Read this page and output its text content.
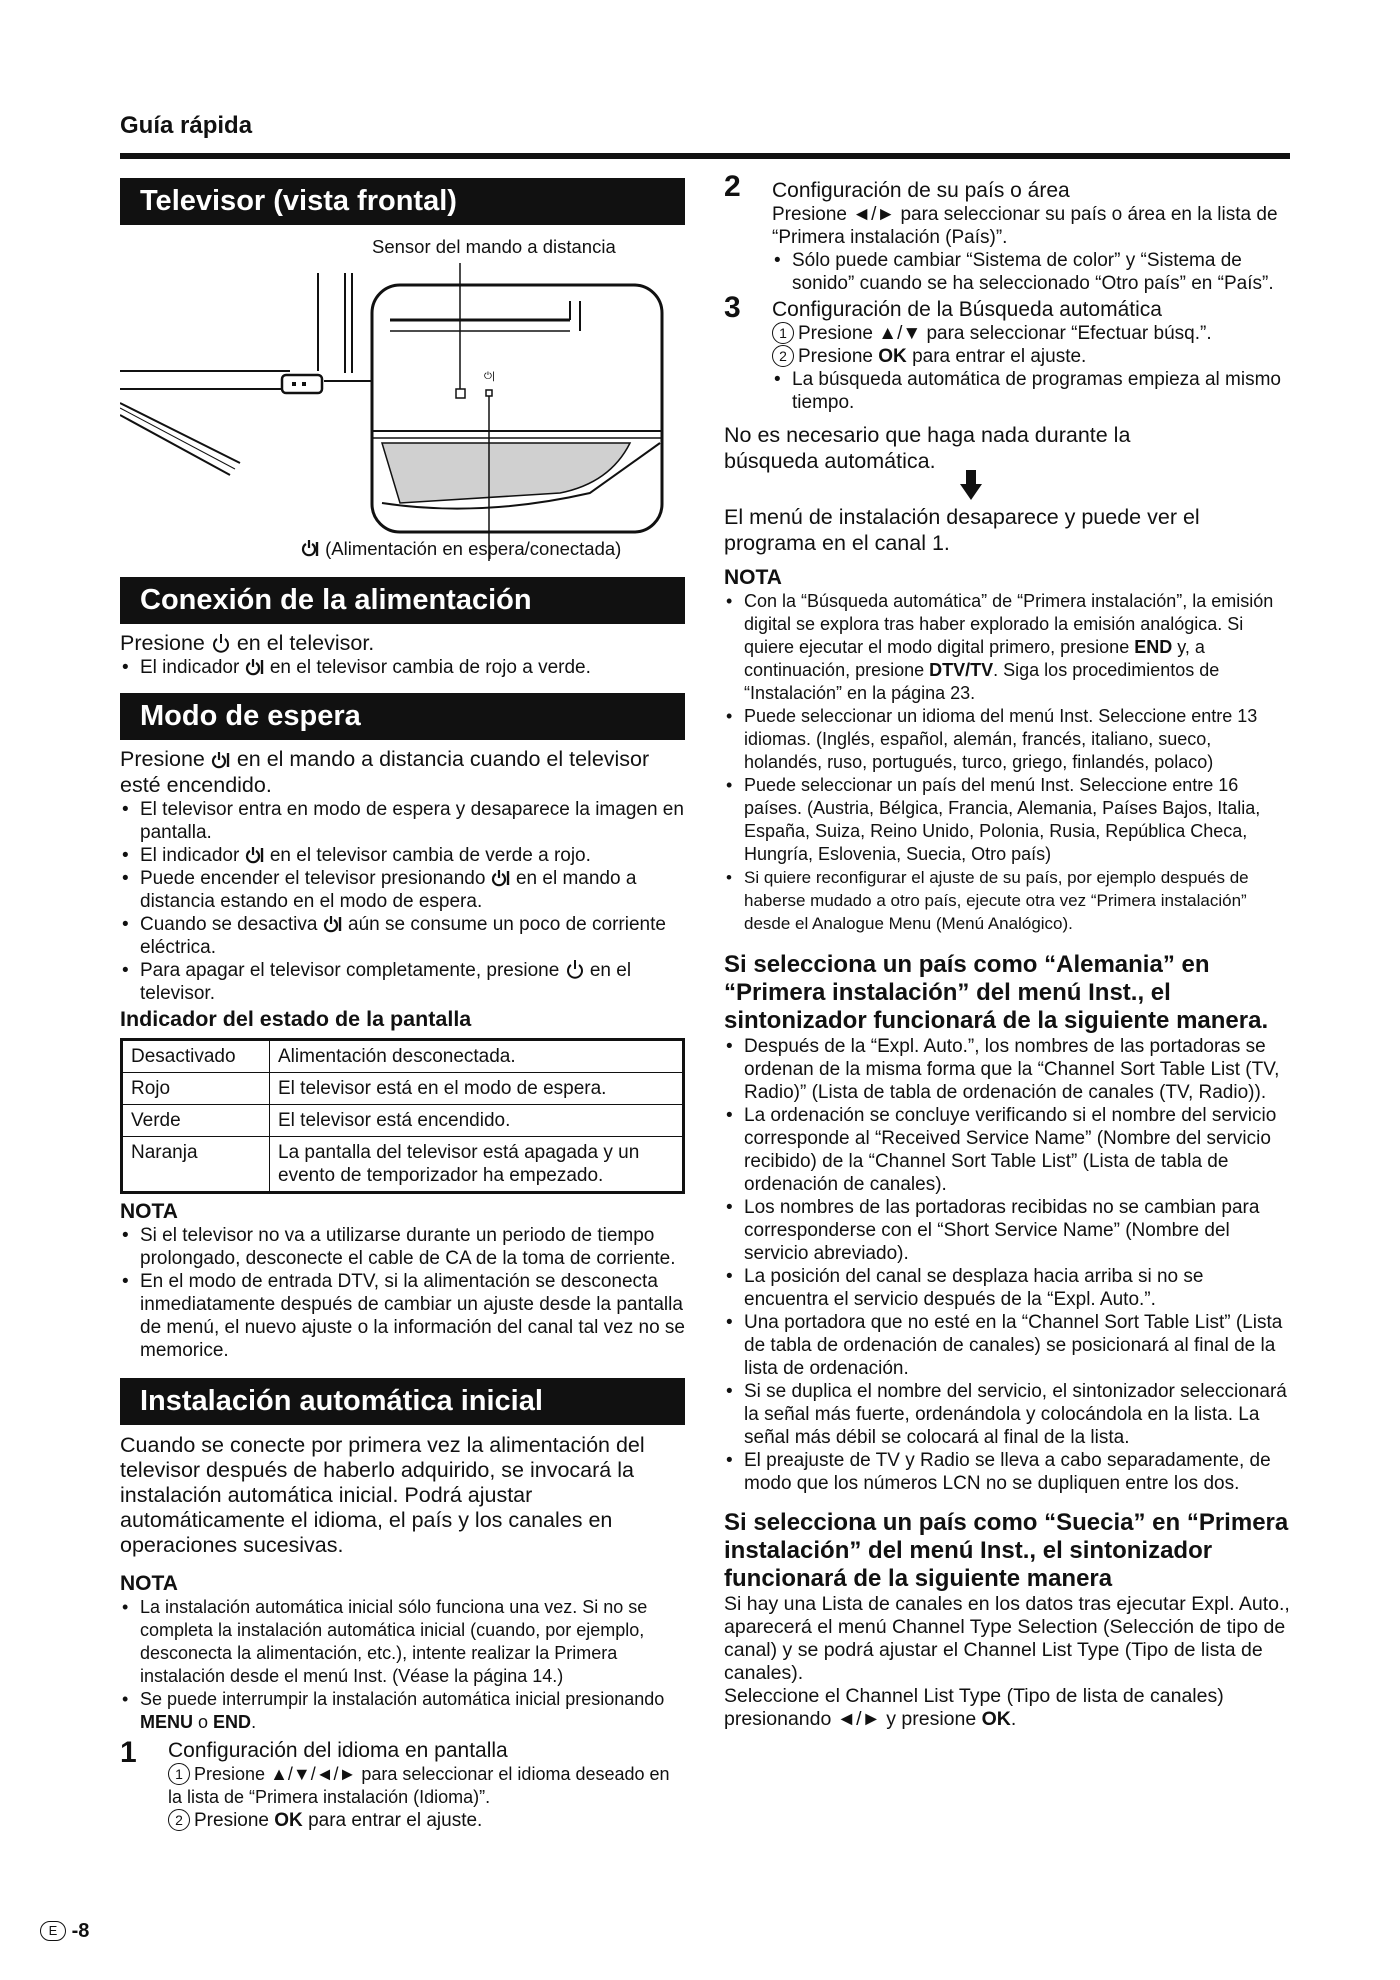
Guía rápida
Televisor (vista frontal)
Sensor del mando a distancia
⏻|
(Alimentación en espera/conectada)
Conexión de la alimentación
Presione en el televisor.
• El indicador en el televisor cambia de rojo a verde.
Modo de espera
Presione en el mando a distancia cuando el televisor esté encendido.
• El televisor entra en modo de espera y desaparece la imagen en pantalla.
• El indicador en el televisor cambia de verde a rojo.
• Puede encender el televisor presionando en el mando a distancia estando en el modo de espera.
• Cuando se desactiva aún se consume un poco de corriente eléctrica.
• Para apagar el televisor completamente, presione en el televisor.
Indicador del estado de la pantalla
Desactivado	Alimentación desconectada.
Rojo	El televisor está en el modo de espera.
Verde	El televisor está encendido.
Naranja	La pantalla del televisor está apagada y un evento de temporizador ha empezado.
NOTA
• Si el televisor no va a utilizarse durante un periodo de tiempo prolongado, desconecte el cable de CA de la toma de corriente.
• En el modo de entrada DTV, si la alimentación se desconecta inmediatamente después de cambiar un ajuste desde la pantalla de menú, el nuevo ajuste o la información del canal tal vez no se memorice.
Instalación automática inicial
Cuando se conecte por primera vez la alimentación del televisor después de haberlo adquirido, se invocará la instalación automática inicial. Podrá ajustar automáticamente el idioma, el país y los canales en operaciones sucesivas.
NOTA
• La instalación automática inicial sólo funciona una vez. Si no se completa la instalación automática inicial (cuando, por ejemplo, desconecta la alimentación, etc.), intente realizar la Primera instalación desde el menú Inst. (Véase la página 14.)
• Se puede interrumpir la instalación automática inicial presionando MENU o END.
1 Configuración del idioma en pantalla
1 Presione ▲/▼/◄/► para seleccionar el idioma deseado en la lista de “Primera instalación (Idioma)”.
2 Presione OK para entrar el ajuste.
2 Configuración de su país o área
Presione ◄/► para seleccionar su país o área en la lista de “Primera instalación (País)”.
• Sólo puede cambiar “Sistema de color” y “Sistema de sonido” cuando se ha seleccionado “Otro país” en “País”.
3 Configuración de la Búsqueda automática
1 Presione ▲/▼ para seleccionar “Efectuar búsq.”.
2 Presione OK para entrar el ajuste.
• La búsqueda automática de programas empieza al mismo tiempo.
No es necesario que haga nada durante la búsqueda automática.
El menú de instalación desaparece y puede ver el programa en el canal 1.
NOTA
• Con la “Búsqueda automática” de “Primera instalación”, la emisión digital se explora tras haber explorado la emisión analógica. Si quiere ejecutar el modo digital primero, presione END y, a continuación, presione DTV/TV. Siga los procedimientos de “Instalación” en la página 23.
• Puede seleccionar un idioma del menú Inst. Seleccione entre 13 idiomas. (Inglés, español, alemán, francés, italiano, sueco, holandés, ruso, portugués, turco, griego, finlandés, polaco)
• Puede seleccionar un país del menú Inst. Seleccione entre 16 países. (Austria, Bélgica, Francia, Alemania, Países Bajos, Italia, España, Suiza, Reino Unido, Polonia, Rusia, República Checa, Hungría, Eslovenia, Suecia, Otro país)
• Si quiere reconfigurar el ajuste de su país, por ejemplo después de haberse mudado a otro país, ejecute otra vez “Primera instalación” desde el Analogue Menu (Menú Analógico).
Si selecciona un país como “Alemania” en “Primera instalación” del menú Inst., el sintonizador funcionará de la siguiente manera.
• Después de la “Expl. Auto.”, los nombres de las portadoras se ordenan de la misma forma que la “Channel Sort Table List (TV, Radio)” (Lista de tabla de ordenación de canales (TV, Radio)).
• La ordenación se concluye verificando si el nombre del servicio corresponde al “Received Service Name” (Nombre del servicio recibido) de la “Channel Sort Table List” (Lista de tabla de ordenación de canales).
• Los nombres de las portadoras recibidas no se cambian para corresponderse con el “Short Service Name” (Nombre del servicio abreviado).
• La posición del canal se desplaza hacia arriba si no se encuentra el servicio después de la “Expl. Auto.”.
• Una portadora que no esté en la “Channel Sort Table List” (Lista de tabla de ordenación de canales) se posicionará al final de la lista de ordenación.
• Si se duplica el nombre del servicio, el sintonizador seleccionará la señal más fuerte, ordenándola y colocándola en la lista. La señal más débil se colocará al final de la lista.
• El preajuste de TV y Radio se lleva a cabo separadamente, de modo que los números LCN no se dupliquen entre los dos.
Si selecciona un país como “Suecia” en “Primera instalación” del menú Inst., el sintonizador funcionará de la siguiente manera
Si hay una Lista de canales en los datos tras ejecutar Expl. Auto., aparecerá el menú Channel Type Selection (Selección de tipo de canal) y se podrá ajustar el Channel List Type (Tipo de lista de canales).
Seleccione el Channel List Type (Tipo de lista de canales) presionando ◄/► y presione OK.
E -8
